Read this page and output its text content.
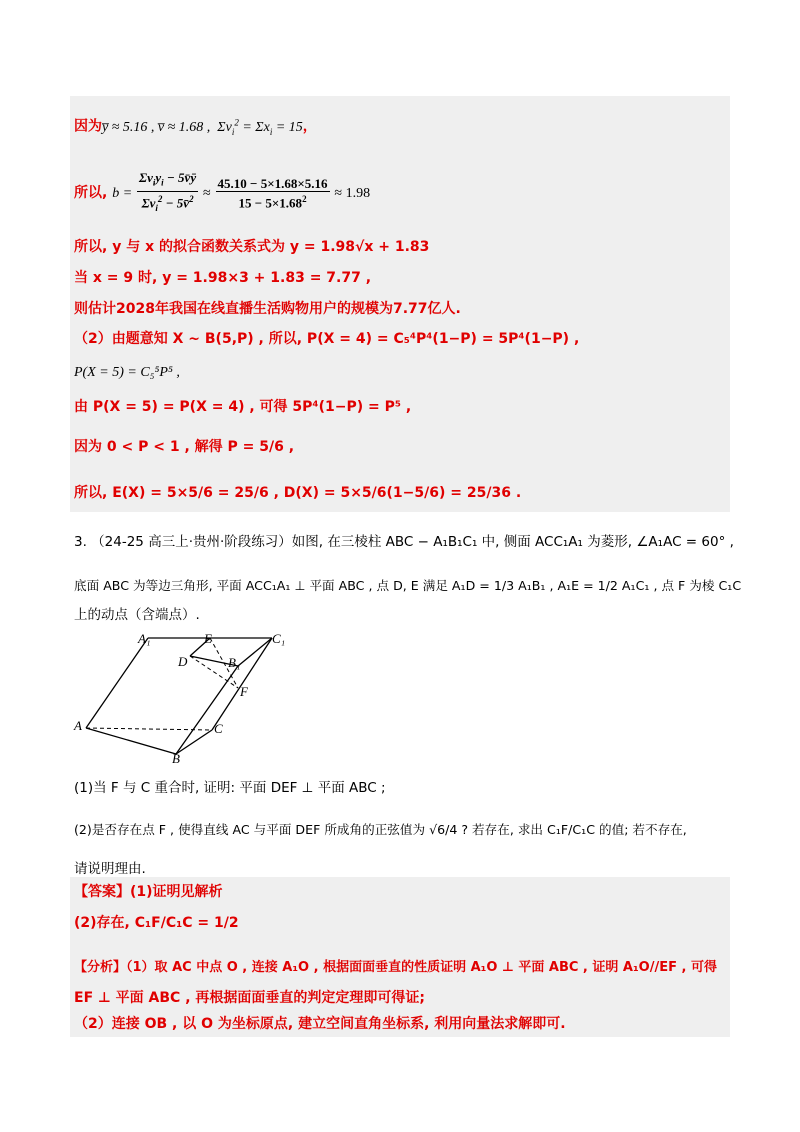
因为y̅ ≈ 5.16 , v̅ ≈ 1.68 ,  $\Sigma v_i^2 = \Sigma x_i = 15$，
所以, $b = \frac{\Sigma v_iy_i - 5v̄ȳ}{\Sigma v_i^2 - 5v̄^2} \approx \frac{45.10 - 5\times 1.68\times 5.16}{15 - 5\times 1.68^2} \approx 1.98$
所以, y 与 x 的拟合函数关系式为 y = 1.98√x + 1.83
当 x = 9 时, y = 1.98×3 + 1.83 = 7.77 ,
则估计2028年我国在线直播生活购物用户的规模为7.77亿人.
（2）由题意知 X ~ B(5,P) , 所以, P(X = 4) = C₅⁴P⁴(1−P) = 5P⁴(1−P) ,
P(X = 5) = C₅⁵P⁵ ,
由 P(X = 5) = P(X = 4) , 可得 5P⁴(1−P) = P⁵ ,
因为 0 < P < 1 , 解得 P = 5/6 ,
所以, E(X) = 5×5/6 = 25/6 , D(X) = 5×5/6(1−5/6) = 25/36 .
3. （24-25 高三上·贵州·阶段练习）如图, 在三棱柱 ABC − A₁B₁C₁ 中, 侧面 ACC₁A₁ 为菱形, ∠A₁AC = 60° ,
底面 ABC 为等边三角形, 平面 ACC₁A₁ ⊥ 平面 ABC , 点 D, E 满足 A₁D = 1/3 A₁B₁ , A₁E = 1/2 A₁C₁ , 点 F 为棱 C₁C
上的动点（含端点）.
A₁	E	C₁
D	B₁
F
A	C
B
(1)当 F 与 C 重合时, 证明: 平面 DEF ⊥ 平面 ABC ;
(2)是否存在点 F , 使得直线 AC 与平面 DEF 所成角的正弦值为 √6/4 ? 若存在, 求出 C₁F/C₁C 的值; 若不存在,
请说明理由.
【答案】(1)证明见解析
(2)存在, C₁F/C₁C = 1/2
【分析】（1）取 AC 中点 O , 连接 A₁O , 根据面面垂直的性质证明 A₁O ⊥ 平面 ABC , 证明 A₁O//EF , 可得
EF ⊥ 平面 ABC , 再根据面面垂直的判定定理即可得证;
（2）连接 OB , 以 O 为坐标原点, 建立空间直角坐标系, 利用向量法求解即可.
